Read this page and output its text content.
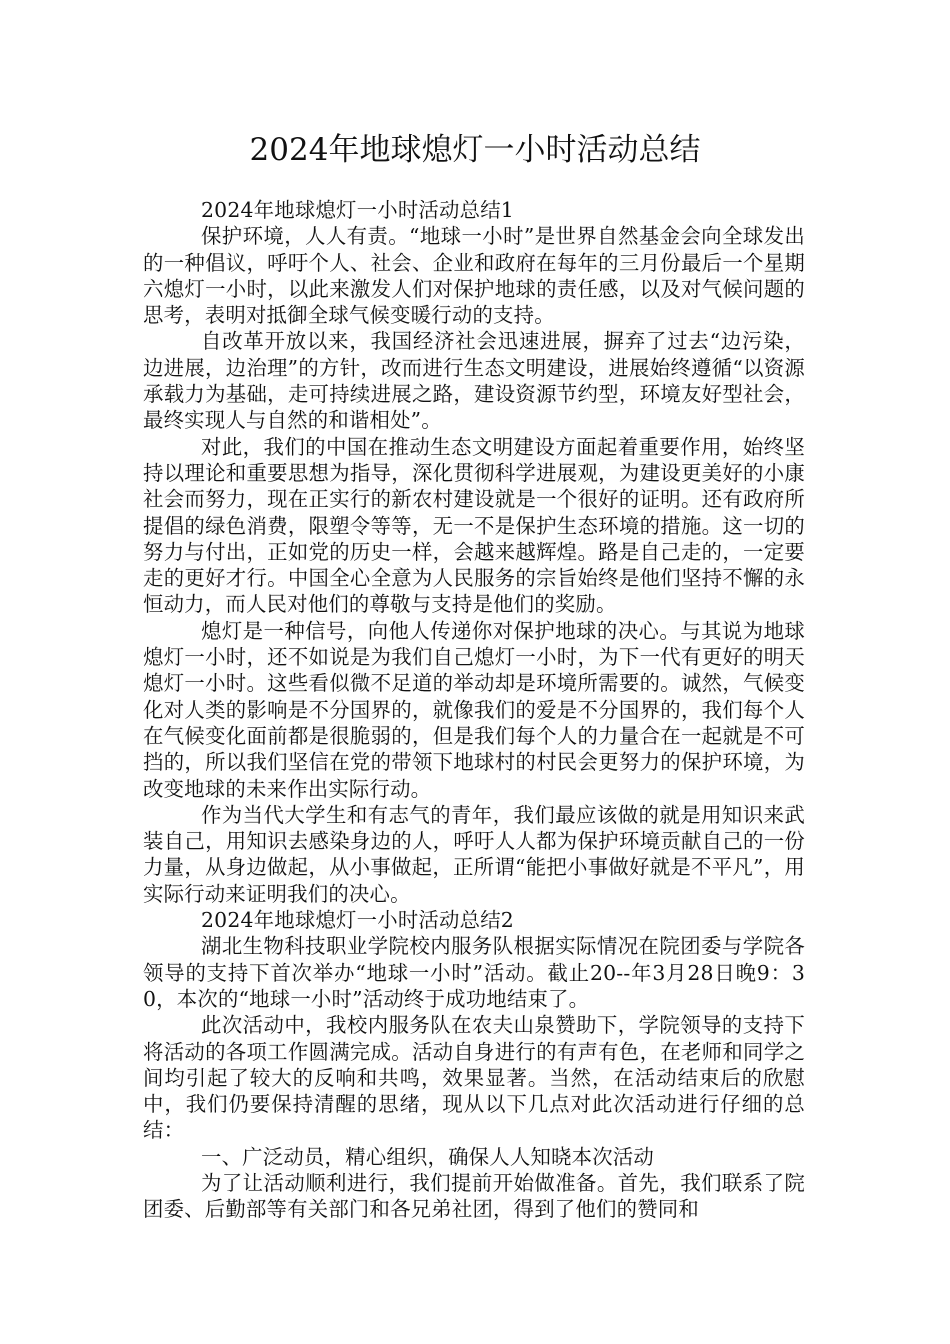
2024年地球熄灯一小时活动总结

2024年地球熄灯一小时活动总结1

保护环境，人人有责。“地球一小时”是世界自然基金会向全球发出的一种倡议，呼吁个人、社会、企业和政府在每年的三月份最后一个星期六熄灯一小时，以此来激发人们对保护地球的责任感，以及对气候问题的思考，表明对抵御全球气候变暖行动的支持。

自改革开放以来，我国经济社会迅速进展，摒弃了过去“边污染，边进展，边治理”的方针，改而进行生态文明建设，进展始终遵循“以资源承载力为基础，走可持续进展之路，建设资源节约型，环境友好型社会，最终实现人与自然的和谐相处”。

对此，我们的中国在推动生态文明建设方面起着重要作用，始终坚持以理论和重要思想为指导，深化贯彻科学进展观，为建设更美好的小康社会而努力，现在正实行的新农村建设就是一个很好的证明。还有政府所提倡的绿色消费，限塑令等等，无一不是保护生态环境的措施。这一切的努力与付出，正如党的历史一样，会越来越辉煌。路是自己走的，一定要走的更好才行。中国全心全意为人民服务的宗旨始终是他们坚持不懈的永恒动力，而人民对他们的尊敬与支持是他们的奖励。

熄灯是一种信号，向他人传递你对保护地球的决心。与其说为地球熄灯一小时，还不如说是为我们自己熄灯一小时，为下一代有更好的明天熄灯一小时。这些看似微不足道的举动却是环境所需要的。诚然，气候变化对人类的影响是不分国界的，就像我们的爱是不分国界的，我们每个人在气候变化面前都是很脆弱的，但是我们每个人的力量合在一起就是不可挡的，所以我们坚信在党的带领下地球村的村民会更努力的保护环境，为改变地球的未来作出实际行动。

作为当代大学生和有志气的青年，我们最应该做的就是用知识来武装自己，用知识去感染身边的人，呼吁人人都为保护环境贡献自己的一份力量，从身边做起，从小事做起，正所谓“能把小事做好就是不平凡”，用实际行动来证明我们的决心。

2024年地球熄灯一小时活动总结2

湖北生物科技职业学院校内服务队根据实际情况在院团委与学院各领导的支持下首次举办“地球一小时”活动。截止20--年3月28日晚9：30，本次的“地球一小时”活动终于成功地结束了。

此次活动中，我校内服务队在农夫山泉赞助下，学院领导的支持下将活动的各项工作圆满完成。活动自身进行的有声有色，在老师和同学之间均引起了较大的反响和共鸣，效果显著。当然，在活动结束后的欣慰中，我们仍要保持清醒的思绪，现从以下几点对此次活动进行仔细的总结：

一、广泛动员，精心组织，确保人人知晓本次活动

为了让活动顺利进行，我们提前开始做准备。首先，我们联系了院团委、后勤部等有关部门和各兄弟社团，得到了他们的赞同和
